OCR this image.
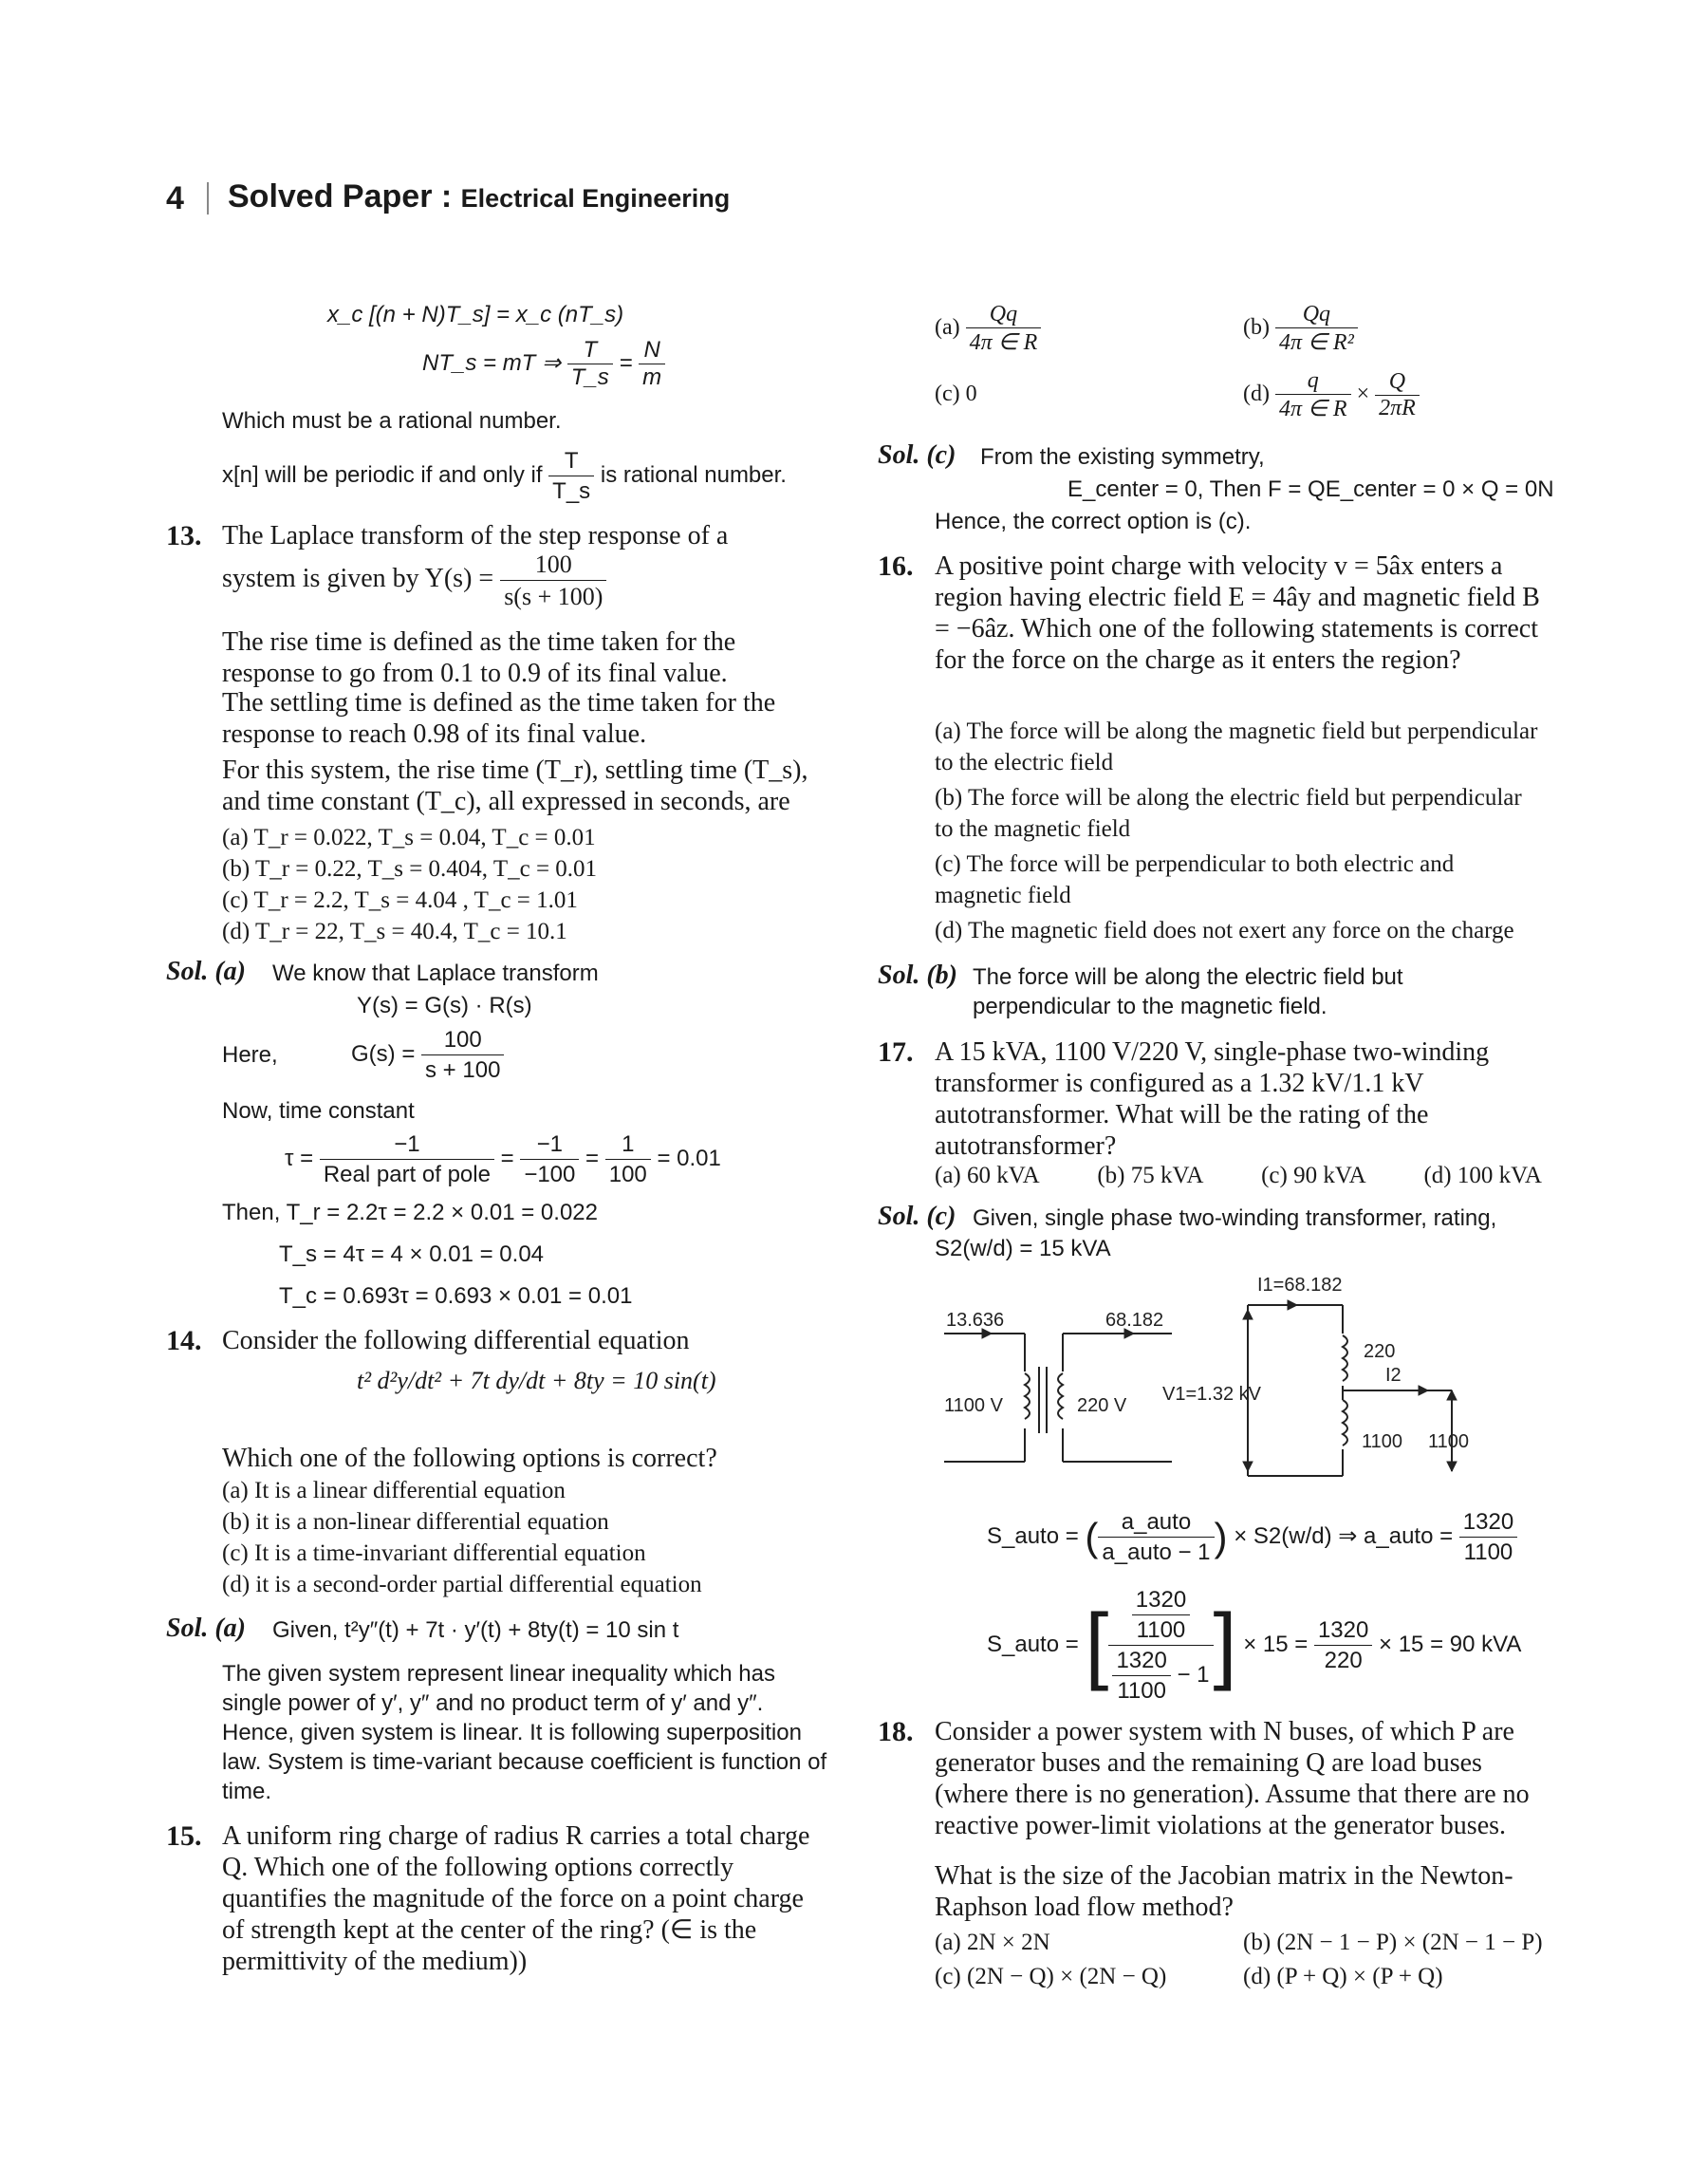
4 Solved Paper : Electrical Engineering
x_c [(n + N)T_s] = x_c (nT_s)
NT_s = mT ⇒ $\frac{T}{T\_s} = \frac{N}{m}$
Which must be a rational number.
x[n] will be periodic if and only if $\frac{T}{T\_s}$ is rational number.
13. The Laplace transform of the step response of a
system is given by $Y(s) = \frac{100}{s(s + 100)}$
The rise time is defined as the time taken for the response to go from 0.1 to 0.9 of its final value.
The settling time is defined as the time taken for the response to reach 0.98 of its final value.
For this system, the rise time (T_r), settling time (T_s), and time constant (T_c), all expressed in seconds, are
(a) T_r = 0.022, T_s = 0.04, T_c = 0.01
(b) T_r = 0.22, T_s = 0.404, T_c = 0.01
(c) T_r = 2.2, T_s = 4.04 , T_c = 1.01
(d) T_r = 22, T_s = 40.4, T_c = 10.1
Sol. (a) We know that Laplace transform
Y(s) = G(s) · R(s)
Here,	$G(s) = \frac{100}{s + 100}$
Now, time constant
$\tau = \frac{-1}{\text{Real part of pole}} = \frac{-1}{-100} = \frac{1}{100} = 0.01$
Then, T_r = 2.2τ = 2.2 × 0.01 = 0.022
T_s = 4τ = 4 × 0.01 = 0.04
T_c = 0.693τ = 0.693 × 0.01 = 0.01
14. Consider the following differential equation
t² d²y/dt² + 7t dy/dt + 8ty = 10 sin(t)
Which one of the following options is correct?
(a) It is a linear differential equation
(b) it is a non-linear differential equation
(c) It is a time-invariant differential equation
(d) it is a second-order partial differential equation
Sol. (a) Given, t²y″(t) + 7t · y′(t) + 8ty(t) = 10 sin t
The given system represent linear inequality which has single power of y′, y″ and no product term of y′ and y″. Hence, given system is linear. It is following superposition law. System is time-variant because coefficient is function of time.
15. A uniform ring charge of radius R carries a total charge Q. Which one of the following options correctly quantifies the magnitude of the force on a point charge of strength kept at the center of the ring? (∈ is the permittivity of the medium))
$(a) \frac{Qq}{4\pi \in R}$	$(b) \frac{Qq}{\text{4π ∈ R²}}$
(c) 0	$(d) \frac{q}{4\pi \in R} \times \frac{Q}{2\pi R}$
Sol. (c) From the existing symmetry,
E_center = 0, Then F = QE_center = 0 × Q = 0N
Hence, the correct option is (c).
16. A positive point charge with velocity v = 5âx enters a region having electric field E = 4ây and magnetic field B = −6âz. Which one of the following statements is correct for the force on the charge as it enters the region?
(a) The force will be along the magnetic field but perpendicular to the electric field
(b) The force will be along the electric field but perpendicular to the magnetic field
(c) The force will be perpendicular to both electric and magnetic field
(d) The magnetic field does not exert any force on the charge
Sol. (b) The force will be along the electric field but perpendicular to the magnetic field.
17. A 15 kVA, 1100 V/220 V, single-phase two-winding transformer is configured as a 1.32 kV/1.1 kV autotransformer. What will be the rating of the autotransformer?
(a) 60 kVA (b) 75 kVA (c) 90 kVA (d) 100 kVA
Sol. (c) Given, single phase two-winding transformer, rating,
S2(w/d) = 15 kVA
I1=68.182
13.636	68.182
1100 V	220 V
V1=1.32 kV
220
I2
1100 1100
S_auto = ( $\frac{\text{a\_auto}}{\text{a\_auto − 1}}$ ) × S2(w/d) ⇒ a_auto = $\frac{1320}{1100}$
S_auto = [ $\frac{\frac{1320}{1100}}{\frac{1320}{1100} - 1}$ ] × $15 = \frac{1320}{220} \times 15 = 90$ kVA
18. Consider a power system with N buses, of which P are generator buses and the remaining Q are load buses (where there is no generation). Assume that there are no reactive power-limit violations at the generator buses.
What is the size of the Jacobian matrix in the Newton-Raphson load flow method?
(a) 2N × 2N	(b) (2N − 1 − P) × (2N − 1 − P)
(c) (2N − Q) × (2N − Q)	(d) (P + Q) × (P + Q)
